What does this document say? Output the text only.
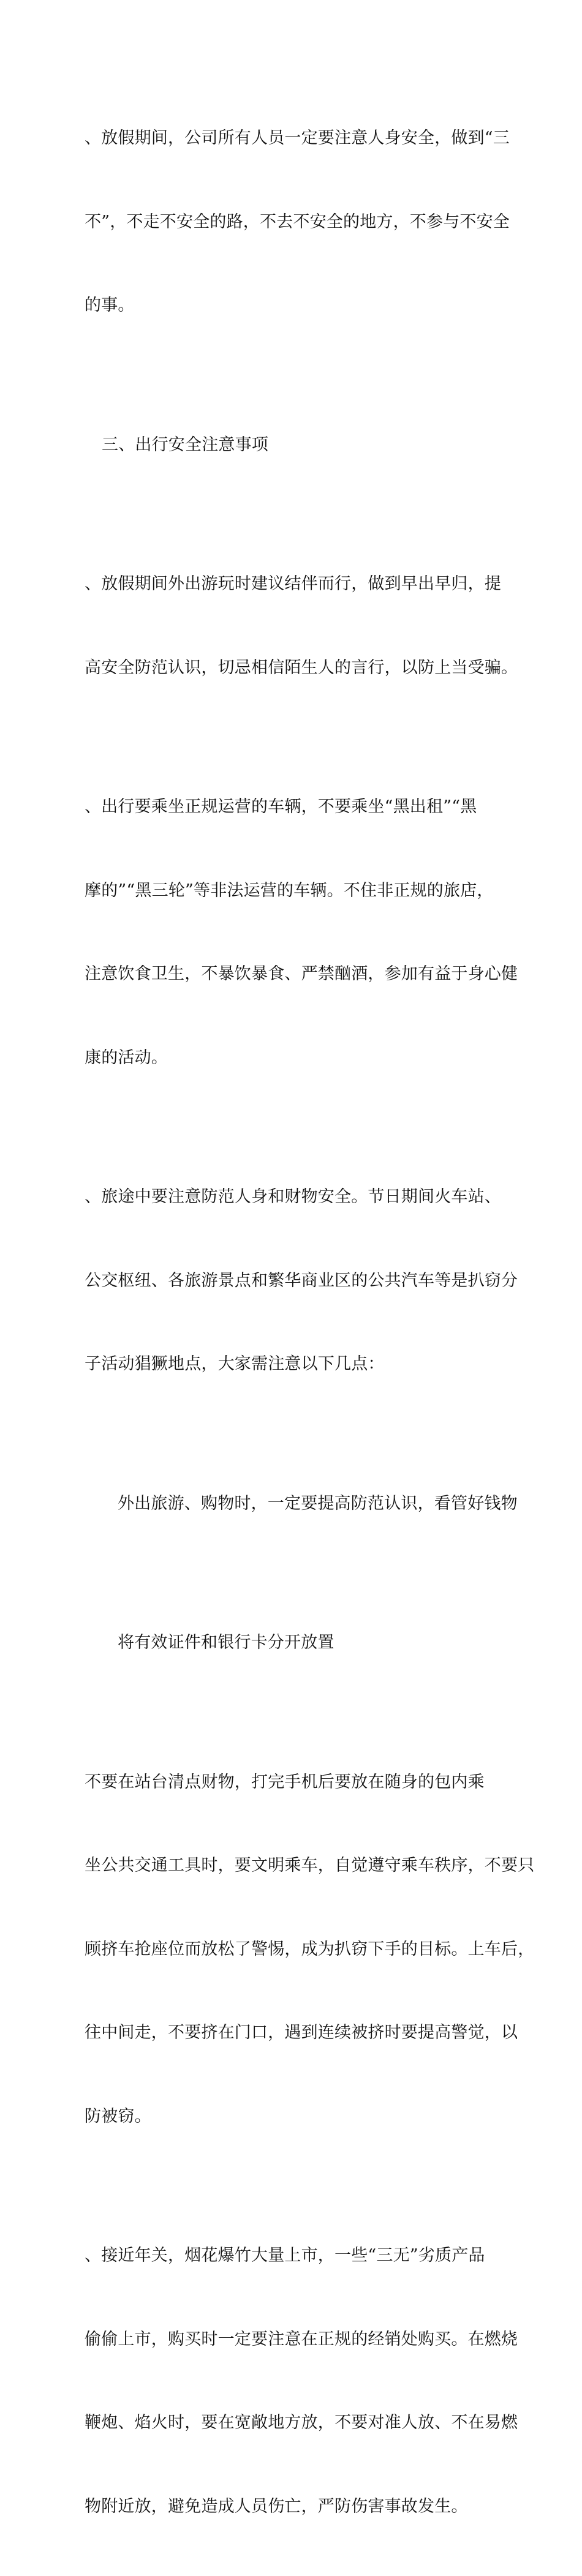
、放假期间，公司所有人员一定要注意人身安全，做到“三

不”，不走不安全的路，不去不安全的地方，不参与不安全

的事。

三、出行安全注意事项

、放假期间外出游玩时建议结伴而行，做到早出早归，提

高安全防范认识，切忌相信陌生人的言行，以防上当受骗。

、出行要乘坐正规运营的车辆，不要乘坐“黑出租”“黑

摩的”“黑三轮”等非法运营的车辆。不住非正规的旅店，

注意饮食卫生，不暴饮暴食、严禁酗酒，参加有益于身心健

康的活动。

、旅途中要注意防范人身和财物安全。节日期间火车站、

公交枢纽、各旅游景点和繁华商业区的公共汽车等是扒窃分

子活动猖獗地点，大家需注意以下几点：

外出旅游、购物时，一定要提高防范认识，看管好钱物

将有效证件和银行卡分开放置

不要在站台清点财物，打完手机后要放在随身的包内乘

坐公共交通工具时，要文明乘车，自觉遵守乘车秩序，不要只

顾挤车抢座位而放松了警惕，成为扒窃下手的目标。上车后，

往中间走，不要挤在门口，遇到连续被挤时要提高警觉，以

防被窃。

、接近年关，烟花爆竹大量上市，一些“三无”劣质产品

偷偷上市，购买时一定要注意在正规的经销处购买。在燃烧

鞭炮、焰火时，要在宽敞地方放，不要对准人放、不在易燃

物附近放，避免造成人员伤亡，严防伤害事故发生。
